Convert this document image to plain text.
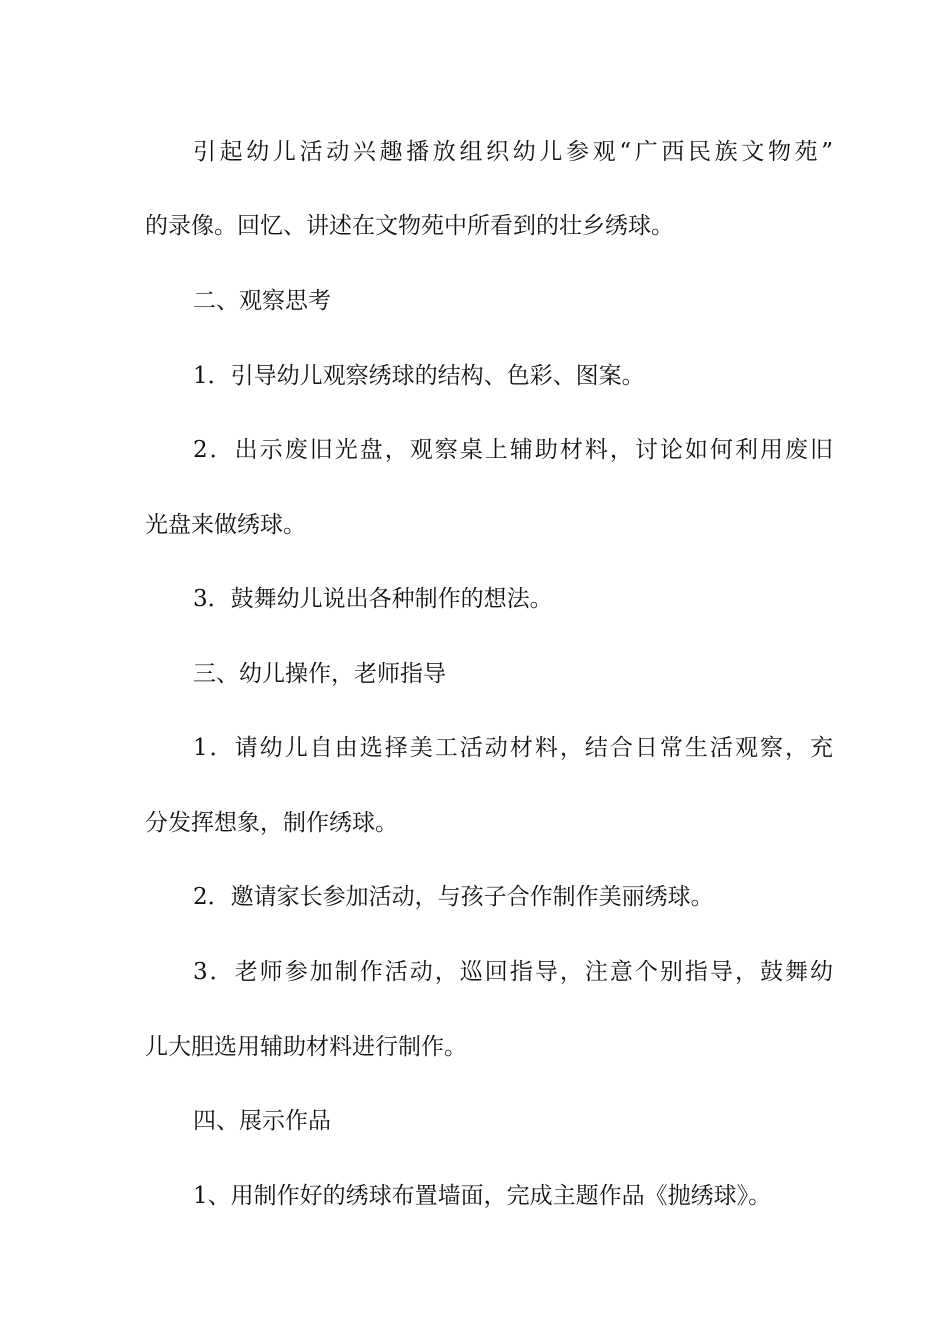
引起幼儿活动兴趣播放组织幼儿参观“广西民族文物苑”
的录像。回忆、讲述在文物苑中所看到的壮乡绣球。
二、观察思考
1．引导幼儿观察绣球的结构、色彩、图案。
2．出示废旧光盘，观察桌上辅助材料，讨论如何利用废旧
光盘来做绣球。
3．鼓舞幼儿说出各种制作的想法。
三、幼儿操作，老师指导
1．请幼儿自由选择美工活动材料，结合日常生活观察，充
分发挥想象，制作绣球。
2．邀请家长参加活动，与孩子合作制作美丽绣球。
3．老师参加制作活动，巡回指导，注意个别指导，鼓舞幼
儿大胆选用辅助材料进行制作。
四、展示作品
1、用制作好的绣球布置墙面，完成主题作品《抛绣球》。
